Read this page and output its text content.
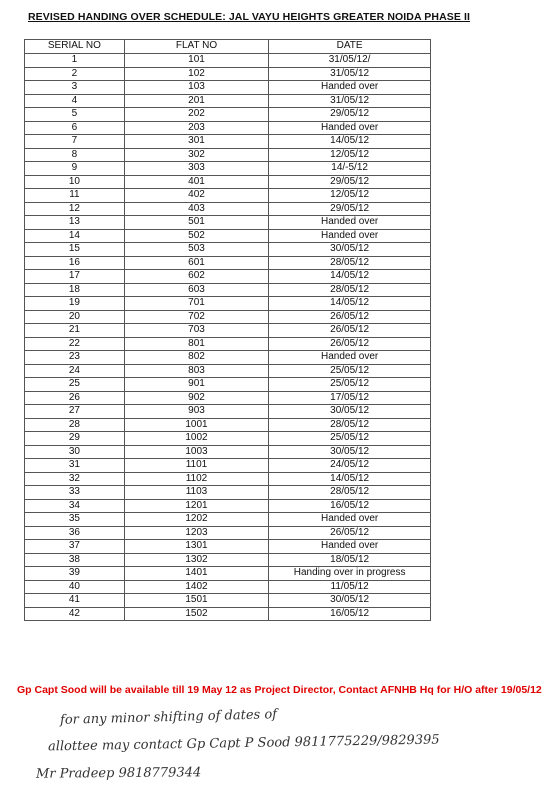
REVISED HANDING OVER SCHEDULE: JAL VAYU HEIGHTS GREATER NOIDA PHASE II
SERIAL NO	FLAT NO	DATE
1	101	31/05/12/
2	102	31/05/12
3	103	Handed over
4	201	31/05/12
5	202	29/05/12
6	203	Handed over
7	301	14/05/12
8	302	12/05/12
9	303	14/-5/12
10	401	29/05/12
11	402	12/05/12
12	403	29/05/12
13	501	Handed over
14	502	Handed over
15	503	30/05/12
16	601	28/05/12
17	602	14/05/12
18	603	28/05/12
19	701	14/05/12
20	702	26/05/12
21	703	26/05/12
22	801	26/05/12
23	802	Handed over
24	803	25/05/12
25	901	25/05/12
26	902	17/05/12
27	903	30/05/12
28	1001	28/05/12
29	1002	25/05/12
30	1003	30/05/12
31	1101	24/05/12
32	1102	14/05/12
33	1103	28/05/12
34	1201	16/05/12
35	1202	Handed over
36	1203	26/05/12
37	1301	Handed over
38	1302	18/05/12
39	1401	Handing over in progress
40	1402	11/05/12
41	1501	30/05/12
42	1502	16/05/12
Gp Capt Sood will be available till 19 May 12 as Project Director, Contact AFNHB Hq for H/O after 19/05/12
for any minor shifting of dates of
allottee may contact Gp Capt P Sood 9811775229/9829395
Mr Pradeep 9818779344
